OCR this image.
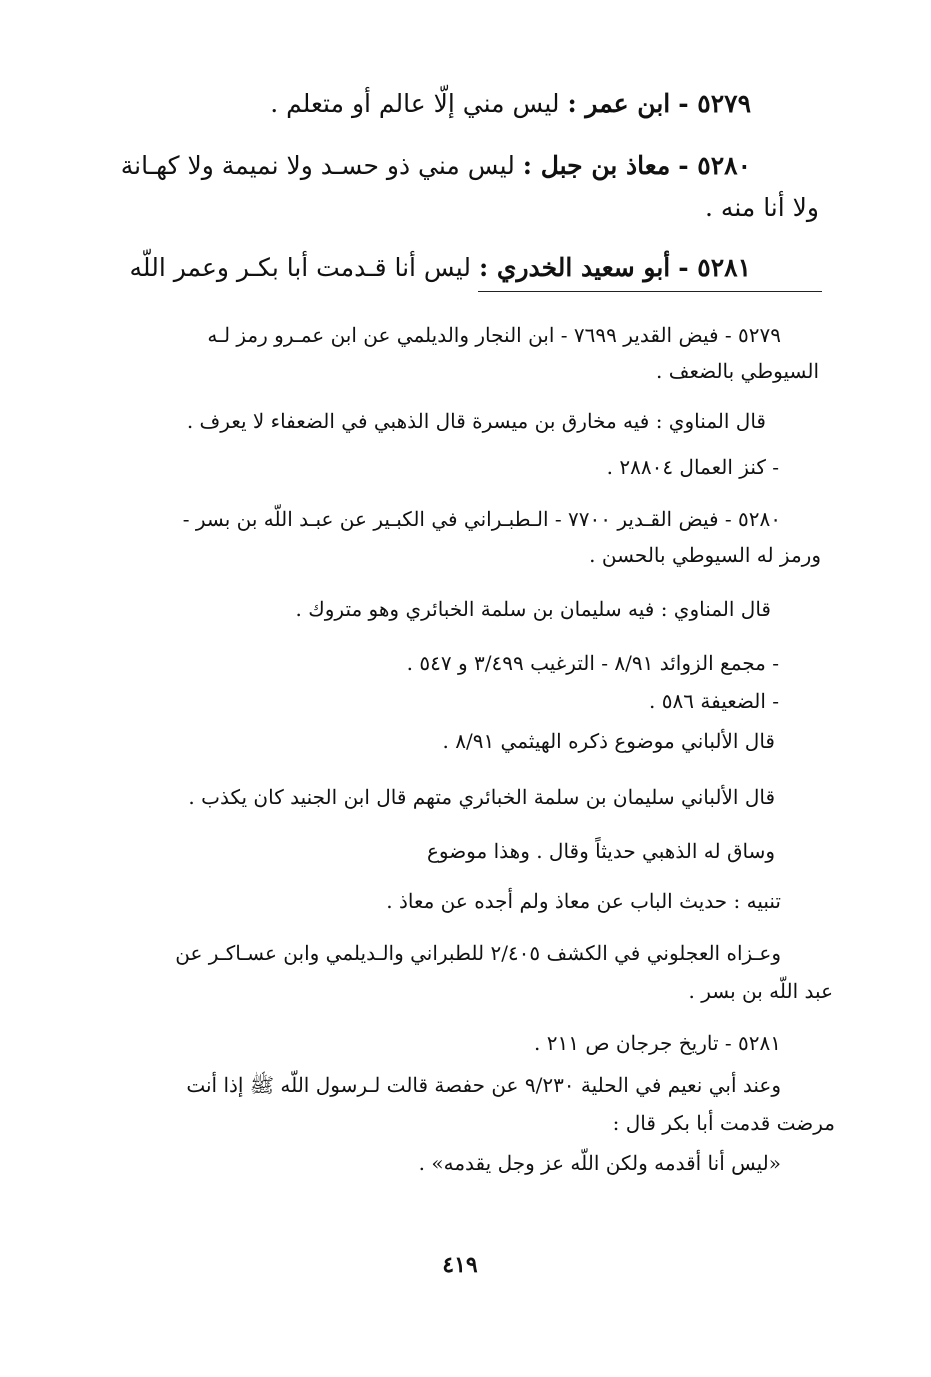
٥٢٧٩ - ابن عمر : ليس مني إلّا عالم أو متعلم .
٥٢٨٠ - معاذ بن جبل : ليس مني ذو حسـد ولا نميمة ولا كهـانة
ولا أنا منه .
٥٢٨١ - أبو سعيد الخدري : ليس أنا قـدمت أبا بكـر وعمر اللّه
٥٢٧٩ - فيض القدير ٧٦٩٩ - ابن النجار والديلمي عن ابن عمـرو رمز لـه
السيوطي بالضعف .
قال المناوي : فيه مخارق بن ميسرة قال الذهبي في الضعفاء لا يعرف .
- كنز العمال ٢٨٨٠٤ .
٥٢٨٠ - فيض القـدير ٧٧٠٠ - الـطبـراني في الكبـير عن عبـد اللّه بن بسر -
ورمز له السيوطي بالحسن .
قال المناوي : فيه سليمان بن سلمة الخبائري وهو متروك .
- مجمع الزوائد ٨/٩١ - الترغيب ٣/٤٩٩ و ٥٤٧ .
- الضعيفة ٥٨٦ .
قال الألباني موضوع ذكره الهيثمي ٨/٩١ .
قال الألباني سليمان بن سلمة الخبائري متهم قال ابن الجنيد كان يكذب .
وساق له الذهبي حديثاً وقال . وهذا موضوع
تنبيه : حديث الباب عن معاذ ولم أجده عن معاذ .
وعـزاه العجلوني في الكشف ٢/٤٠٥ للطبراني والـديلمي وابن عسـاكـر عن
عبد اللّه بن بسر .
٥٢٨١ - تاريخ جرجان ص ٢١١ .
وعند أبي نعيم في الحلية ٩/٢٣٠ عن حفصة قالت لـرسول اللّه ﷺ إذا أنت
مرضت قدمت أبا بكر قال :
«ليس أنا أقدمه ولكن اللّه عز وجل يقدمه» .
٤١٩
